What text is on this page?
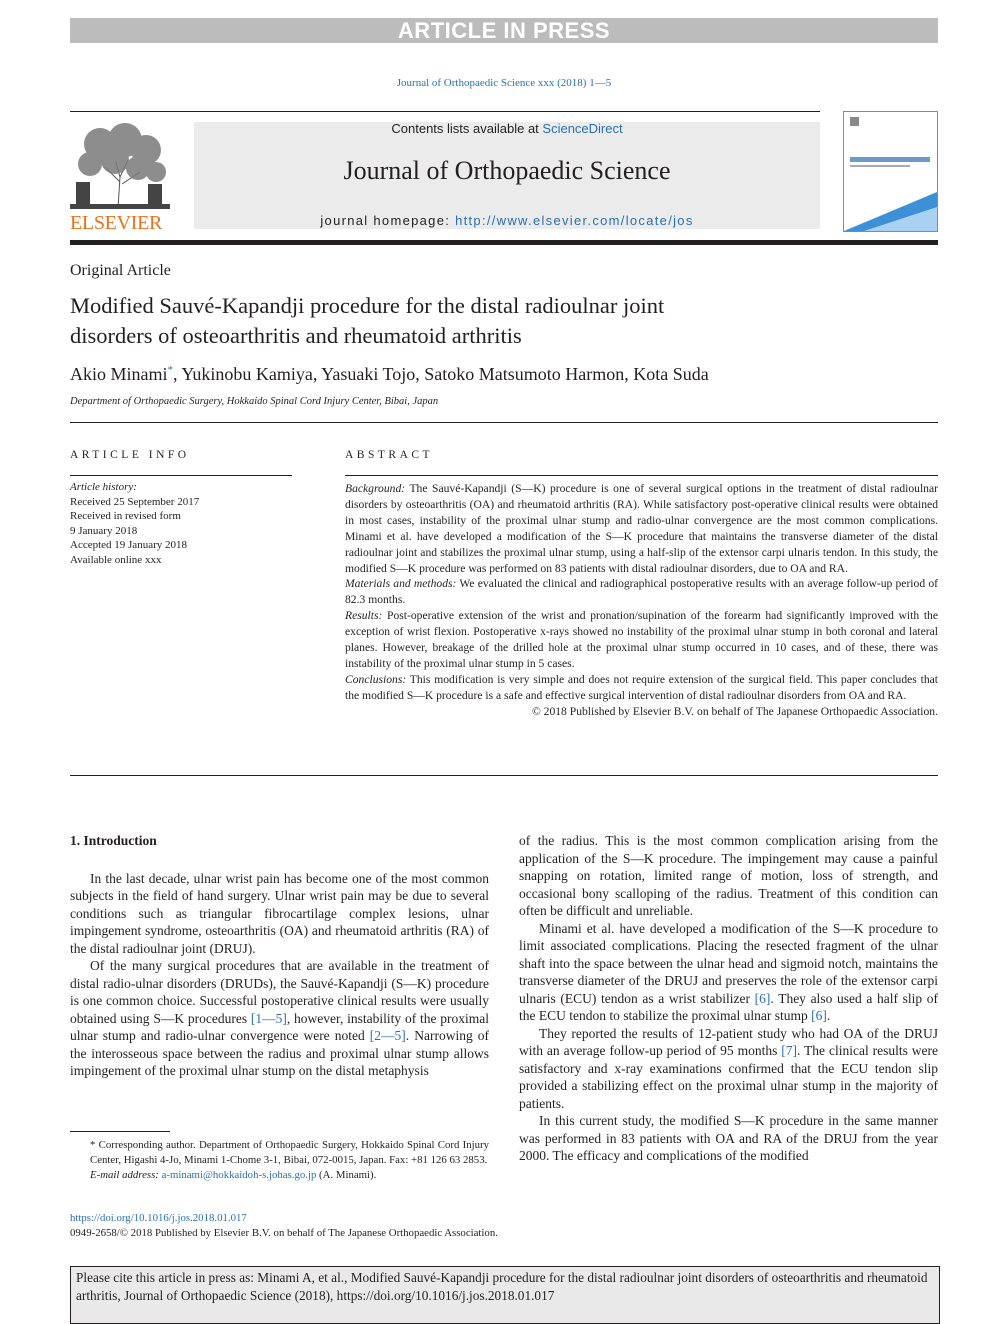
ARTICLE IN PRESS
Journal of Orthopaedic Science xxx (2018) 1—5
ELSEVIER
Contents lists available at ScienceDirect
Journal of Orthopaedic Science
journal homepage: http://www.elsevier.com/locate/jos
Original Article
Modified Sauvé-Kapandji procedure for the distal radioulnar joint
disorders of osteoarthritis and rheumatoid arthritis
Akio Minami*, Yukinobu Kamiya, Yasuaki Tojo, Satoko Matsumoto Harmon, Kota Suda
Department of Orthopaedic Surgery, Hokkaido Spinal Cord Injury Center, Bibai, Japan
ARTICLE INFO
Article history:
Received 25 September 2017
Received in revised form
9 January 2018
Accepted 19 January 2018
Available online xxx
ABSTRACT

Background: The Sauvé-Kapandji (S—K) procedure is one of several surgical options in the treatment of distal radioulnar disorders by osteoarthritis (OA) and rheumatoid arthritis (RA). While satisfactory post-operative clinical results were obtained in most cases, instability of the proximal ulnar stump and radio-ulnar convergence are the most common complications. Minami et al. have developed a modification of the S—K procedure that maintains the transverse diameter of the distal radioulnar joint and stabilizes the proximal ulnar stump, using a half-slip of the extensor carpi ulnaris tendon. In this study, the modified S—K procedure was performed on 83 patients with distal radioulnar disorders, due to OA and RA.

Materials and methods: We evaluated the clinical and radiographical postoperative results with an average follow-up period of 82.3 months.

Results: Post-operative extension of the wrist and pronation/supination of the forearm had significantly improved with the exception of wrist flexion. Postoperative x-rays showed no instability of the proximal ulnar stump in both coronal and lateral planes. However, breakage of the drilled hole at the proximal ulnar stump occurred in 10 cases, and of these, there was instability of the proximal ulnar stump in 5 cases.

Conclusions: This modification is very simple and does not require extension of the surgical field. This paper concludes that the modified S—K procedure is a safe and effective surgical intervention of distal radioulnar disorders from OA and RA.

© 2018 Published by Elsevier B.V. on behalf of The Japanese Orthopaedic Association.

1. Introduction

In the last decade, ulnar wrist pain has become one of the most common subjects in the field of hand surgery. Ulnar wrist pain may be due to several conditions such as triangular fibrocartilage complex lesions, ulnar impingement syndrome, osteoarthritis (OA) and rheumatoid arthritis (RA) of the distal radioulnar joint (DRUJ).

Of the many surgical procedures that are available in the treatment of distal radio-ulnar disorders (DRUDs), the Sauvé-Kapandji (S—K) procedure is one common choice. Successful postoperative clinical results were usually obtained using S—K procedures [1—5], however, instability of the proximal ulnar stump and radio-ulnar convergence were noted [2—5]. Narrowing of the interosseous space between the radius and proximal ulnar stump allows impingement of the proximal ulnar stump on the distal metaphysis

of the radius. This is the most common complication arising from the application of the S—K procedure. The impingement may cause a painful snapping on rotation, limited range of motion, loss of strength, and occasional bony scalloping of the radius. Treatment of this condition can often be difficult and unreliable.

Minami et al. have developed a modification of the S—K procedure to limit associated complications. Placing the resected fragment of the ulnar shaft into the space between the ulnar head and sigmoid notch, maintains the transverse diameter of the DRUJ and preserves the role of the extensor carpi ulnaris (ECU) tendon as a wrist stabilizer [6]. They also used a half slip of the ECU tendon to stabilize the proximal ulnar stump [6].

They reported the results of 12-patient study who had OA of the DRUJ with an average follow-up period of 95 months [7]. The clinical results were satisfactory and x-ray examinations confirmed that the ECU tendon slip provided a stabilizing effect on the proximal ulnar stump in the majority of patients.

In this current study, the modified S—K procedure in the same manner was performed in 83 patients with OA and RA of the DRUJ from the year 2000. The efficacy and complications of the modified

* Corresponding author. Department of Orthopaedic Surgery, Hokkaido Spinal Cord Injury Center, Higashi 4-Jo, Minami 1-Chome 3-1, Bibai, 072-0015, Japan. Fax: +81 126 63 2853.

E-mail address: a-minami@hokkaidoh-s.johas.go.jp (A. Minami).

https://doi.org/10.1016/j.jos.2018.01.017
0949-2658/© 2018 Published by Elsevier B.V. on behalf of The Japanese Orthopaedic Association.
Please cite this article in press as: Minami A, et al., Modified Sauvé-Kapandji procedure for the distal radioulnar joint disorders of osteoarthritis and rheumatoid arthritis, Journal of Orthopaedic Science (2018), https://doi.org/10.1016/j.jos.2018.01.017
